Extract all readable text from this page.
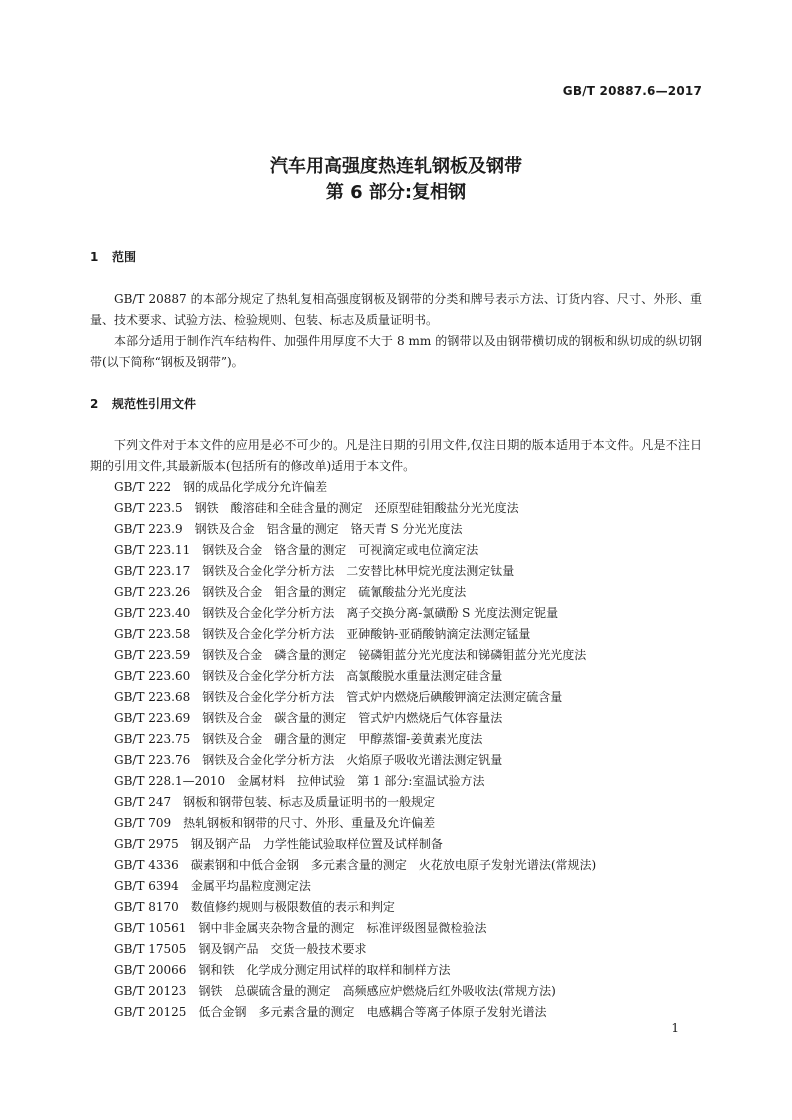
GB/T 20887.6—2017
汽车用高强度热连轧钢板及钢带
第 6 部分:复相钢
1 范围

GB/T 20887 的本部分规定了热轧复相高强度钢板及钢带的分类和牌号表示方法、订货内容、尺寸、外形、重量、技术要求、试验方法、检验规则、包装、标志及质量证明书。

本部分适用于制作汽车结构件、加强件用厚度不大于 8 mm 的钢带以及由钢带横切成的钢板和纵切成的纵切钢带(以下简称“钢板及钢带”)。

2 规范性引用文件

下列文件对于本文件的应用是必不可少的。凡是注日期的引用文件,仅注日期的版本适用于本文件。凡是不注日期的引用文件,其最新版本(包括所有的修改单)适用于本文件。

GB/T 222 钢的成品化学成分允许偏差
GB/T 223.5 钢铁　酸溶硅和全硅含量的测定　还原型硅钼酸盐分光光度法
GB/T 223.9 钢铁及合金　铝含量的测定　铬天青 S 分光光度法
GB/T 223.11 钢铁及合金　铬含量的测定　可视滴定或电位滴定法
GB/T 223.17 钢铁及合金化学分析方法　二安替比林甲烷光度法测定钛量
GB/T 223.26 钢铁及合金　钼含量的测定　硫氰酸盐分光光度法
GB/T 223.40 钢铁及合金化学分析方法　离子交换分离-氯磺酚 S 光度法测定铌量
GB/T 223.58 钢铁及合金化学分析方法　亚砷酸钠-亚硝酸钠滴定法测定锰量
GB/T 223.59 钢铁及合金　磷含量的测定　铋磷钼蓝分光光度法和锑磷钼蓝分光光度法
GB/T 223.60 钢铁及合金化学分析方法　高氯酸脱水重量法测定硅含量
GB/T 223.68 钢铁及合金化学分析方法　管式炉内燃烧后碘酸钾滴定法测定硫含量
GB/T 223.69 钢铁及合金　碳含量的测定　管式炉内燃烧后气体容量法
GB/T 223.75 钢铁及合金　硼含量的测定　甲醇蒸馏-姜黄素光度法
GB/T 223.76 钢铁及合金化学分析方法　火焰原子吸收光谱法测定钒量
GB/T 228.1—2010 金属材料　拉伸试验　第 1 部分:室温试验方法
GB/T 247 钢板和钢带包装、标志及质量证明书的一般规定
GB/T 709 热轧钢板和钢带的尺寸、外形、重量及允许偏差
GB/T 2975 钢及钢产品　力学性能试验取样位置及试样制备
GB/T 4336 碳素钢和中低合金钢　多元素含量的测定　火花放电原子发射光谱法(常规法)
GB/T 6394 金属平均晶粒度测定法
GB/T 8170 数值修约规则与极限数值的表示和判定
GB/T 10561 钢中非金属夹杂物含量的测定　标准评级图显微检验法
GB/T 17505 钢及钢产品　交货一般技术要求
GB/T 20066 钢和铁　化学成分测定用试样的取样和制样方法
GB/T 20123 钢铁　总碳硫含量的测定　高频感应炉燃烧后红外吸收法(常规方法)
GB/T 20125 低合金钢　多元素含量的测定　电感耦合等离子体原子发射光谱法
1
